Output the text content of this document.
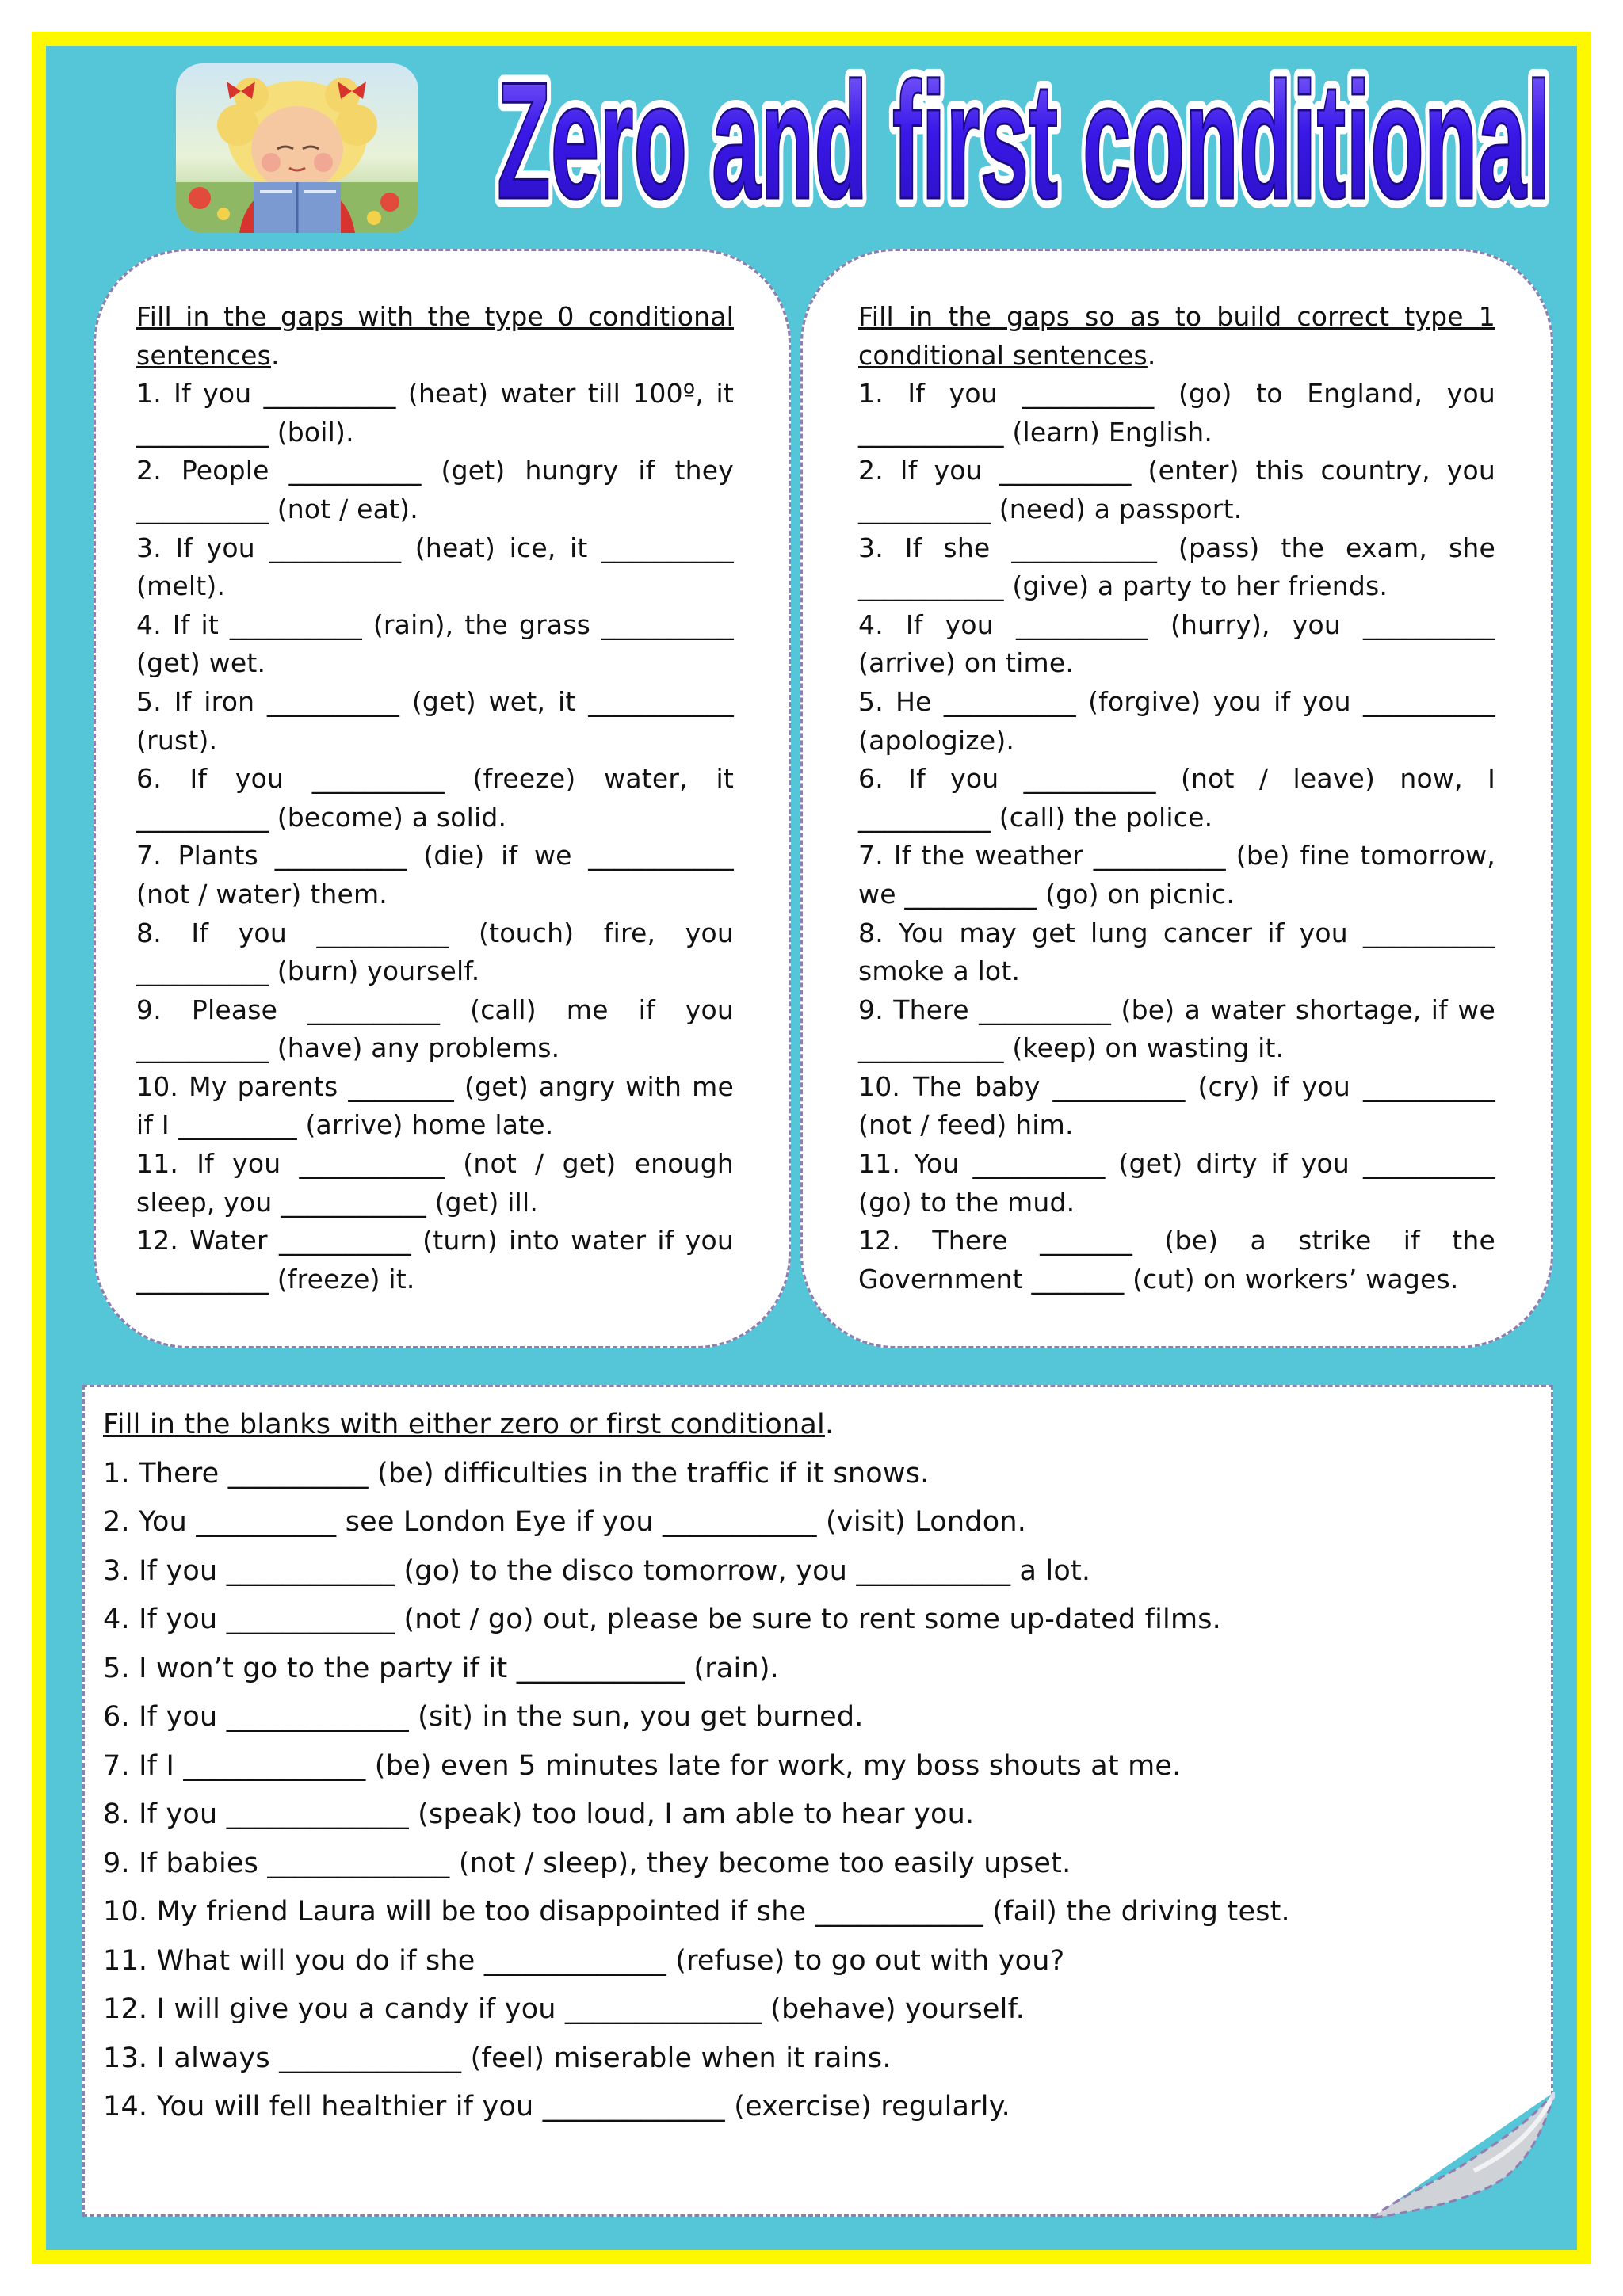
Zero and first conditional
Zero and first conditional

Fill in the gaps with the type 0 conditional sentences.

1. If you __________ (heat) water till 100º, it __________ (boil).

2. People __________ (get) hungry if they __________ (not / eat).

3. If you __________ (heat) ice, it __________ (melt).

4. If it __________ (rain), the grass __________ (get) wet.

5. If iron __________ (get) wet, it ___________ (rust).

6. If you __________ (freeze) water, it __________ (become) a solid.

7. Plants __________ (die) if we ___________ (not / water) them.

8. If you __________ (touch) fire, you __________ (burn) yourself.

9. Please __________ (call) me if you __________ (have) any problems.

10. My parents ________ (get) angry with me if I _________ (arrive) home late.

11. If you ___________ (not / get) enough sleep, you ___________ (get) ill.

12. Water __________ (turn) into water if you __________ (freeze) it.

Fill in the gaps so as to build correct type 1 conditional sentences.

1. If you __________ (go) to England, you ___________ (learn) English.

2. If you __________ (enter) this country, you __________ (need) a passport.

3. If she ___________ (pass) the exam, she ___________ (give) a party to her friends.

4. If you __________ (hurry), you __________ (arrive) on time.

5. He __________ (forgive) you if you __________ (apologize).

6. If you __________ (not / leave) now, I __________ (call) the police.

7. If the weather __________ (be) fine tomorrow, we __________ (go) on picnic.

8. You may get lung cancer if you __________ smoke a lot.

9. There __________ (be) a water shortage, if we ___________ (keep) on wasting it.

10. The baby __________ (cry) if you __________ (not / feed) him.

11. You __________ (get) dirty if you __________ (go) to the mud.

12. There _______ (be) a strike if the Government _______ (cut) on workers’ wages.

Fill in the blanks with either zero or first conditional.

1. There __________ (be) difficulties in the traffic if it snows.

2. You __________ see London Eye if you ___________ (visit) London.

3. If you ____________ (go) to the disco tomorrow, you ___________ a lot.

4. If you ____________ (not / go) out, please be sure to rent some up-dated films.

5. I won’t go to the party if it ____________ (rain).

6. If you _____________ (sit) in the sun, you get burned.

7. If I _____________ (be) even 5 minutes late for work, my boss shouts at me.

8. If you _____________ (speak) too loud, I am able to hear you.

9. If babies _____________ (not / sleep), they become too easily upset.

10. My friend Laura will be too disappointed if she ____________ (fail) the driving test.

11. What will you do if she _____________ (refuse) to go out with you?

12. I will give you a candy if you ______________ (behave) yourself.

13. I always _____________ (feel) miserable when it rains.

14. You will fell healthier if you _____________ (exercise) regularly.
